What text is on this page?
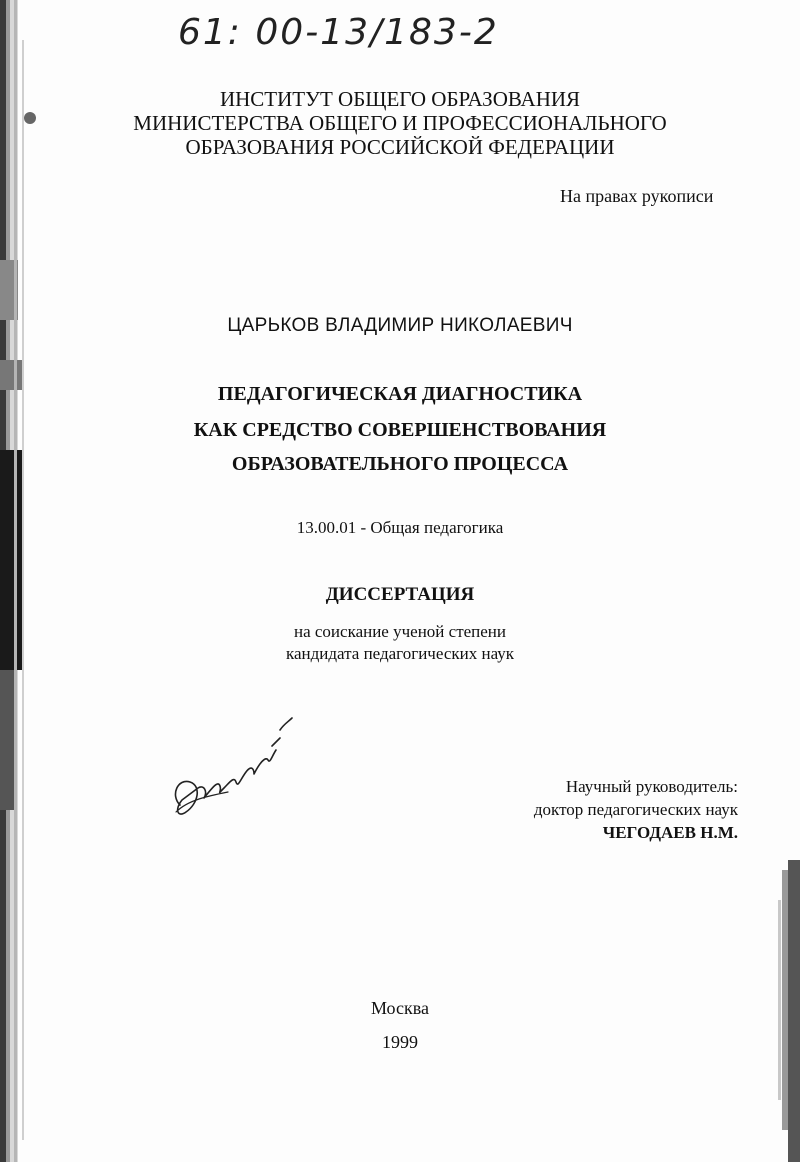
61: 00-13/183-2
ИНСТИТУТ ОБЩЕГО ОБРАЗОВАНИЯ
МИНИСТЕРСТВА ОБЩЕГО И ПРОФЕССИОНАЛЬНОГО
ОБРАЗОВАНИЯ РОССИЙСКОЙ ФЕДЕРАЦИИ
На правах рукописи
ЦАРЬКОВ ВЛАДИМИР НИКОЛАЕВИЧ
ПЕДАГОГИЧЕСКАЯ ДИАГНОСТИКА
КАК СРЕДСТВО СОВЕРШЕНСТВОВАНИЯ
ОБРАЗОВАТЕЛЬНОГО ПРОЦЕССА
13.00.01 - Общая педагогика
ДИССЕРТАЦИЯ
на соискание ученой степени
кандидата педагогических наук
Научный руководитель:
доктор педагогических наук
ЧЕГОДАЕВ Н.М.
Москва
1999
